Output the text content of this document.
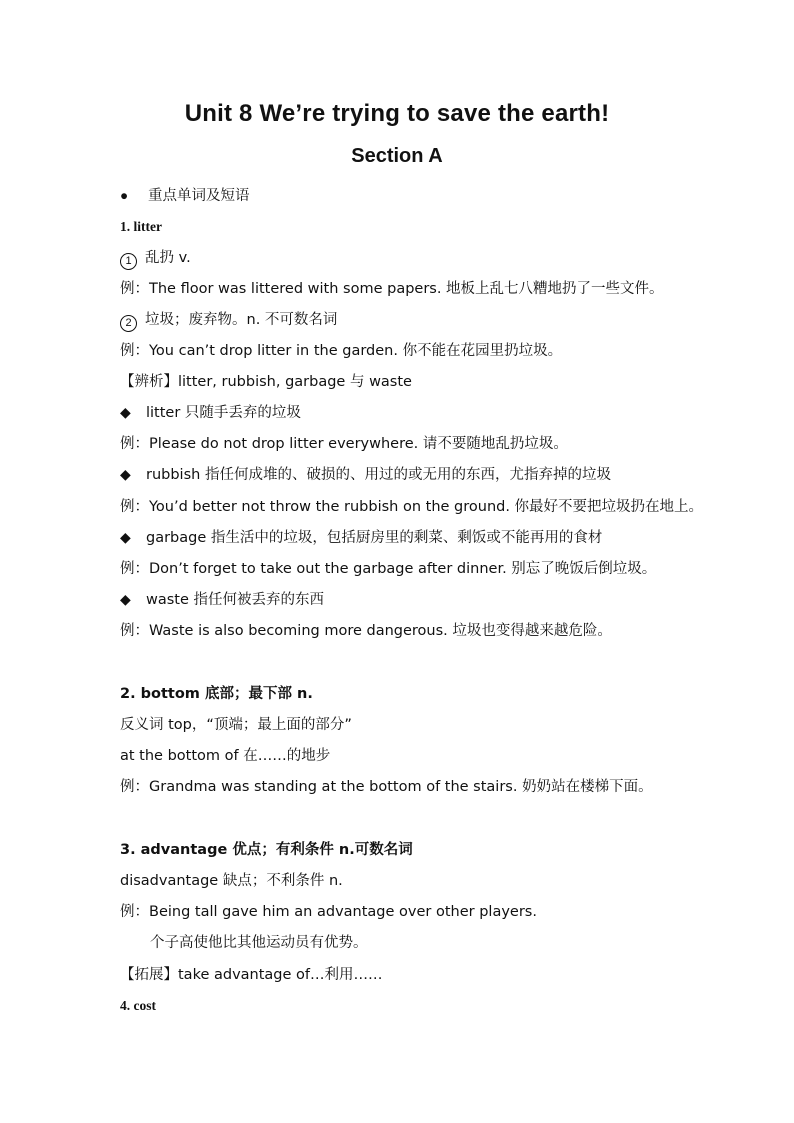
Unit 8 We’re trying to save the earth!
Section A
● 重点单词及短语
1. litter
1 乱扔 v.
例：The floor was littered with some papers. 地板上乱七八糟地扔了一些文件。
2 垃圾；废弃物。n. 不可数名词
例：You can’t drop litter in the garden. 你不能在花园里扔垃圾。
【辨析】litter, rubbish, garbage 与 waste
◆ litter 只随手丢弃的垃圾
例：Please do not drop litter everywhere. 请不要随地乱扔垃圾。
◆ rubbish 指任何成堆的、破损的、用过的或无用的东西，尤指弃掉的垃圾
例：You’d better not throw the rubbish on the ground. 你最好不要把垃圾扔在地上。
◆ garbage 指生活中的垃圾，包括厨房里的剩菜、剩饭或不能再用的食材
例：Don’t forget to take out the garbage after dinner. 别忘了晚饭后倒垃圾。
◆ waste 指任何被丢弃的东西
例：Waste is also becoming more dangerous. 垃圾也变得越来越危险。
2. bottom 底部；最下部 n.
反义词 top，“顶端；最上面的部分”
at the bottom of 在……的地步
例：Grandma was standing at the bottom of the stairs. 奶奶站在楼梯下面。
3. advantage 优点；有利条件 n.可数名词
disadvantage 缺点；不利条件 n.
例：Being tall gave him an advantage over other players.
个子高使他比其他运动员有优势。
【拓展】take advantage of…利用……
4. cost
